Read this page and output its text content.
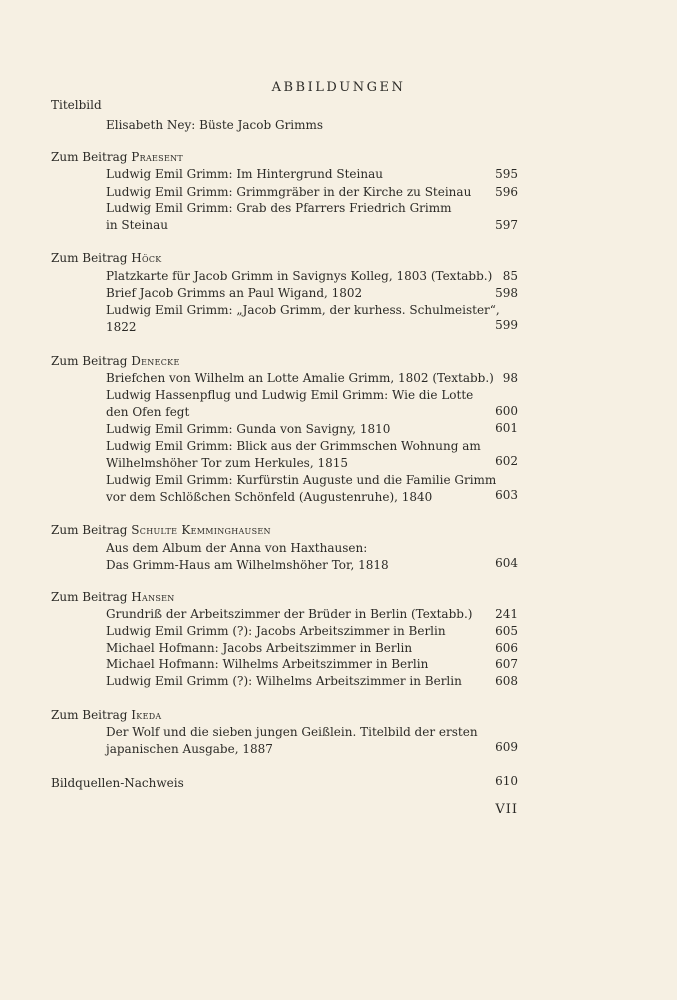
ABBILDUNGEN
Titelbild
Elisabeth Ney: Büste Jacob Grimms
Zum Beitrag Praesent
Ludwig Emil Grimm: Im Hintergrund Steinau	595
Ludwig Emil Grimm: Grimmgräber in der Kirche zu Steinau	596
Ludwig Emil Grimm: Grab des Pfarrers Friedrich Grimm
in Steinau	597
Zum Beitrag Höck
Platzkarte für Jacob Grimm in Savignys Kolleg, 1803 (Textabb.) 85
Brief Jacob Grimms an Paul Wigand, 1802	598
Ludwig Emil Grimm: „Jacob Grimm, der kurhess. Schulmeister“,
1822	599
Zum Beitrag Denecke
Briefchen von Wilhelm an Lotte Amalie Grimm, 1802 (Textabb.) 98
Ludwig Hassenpflug und Ludwig Emil Grimm: Wie die Lotte
den Ofen fegt	600
Ludwig Emil Grimm: Gunda von Savigny, 1810	601
Ludwig Emil Grimm: Blick aus der Grimmschen Wohnung am
Wilhelmshöher Tor zum Herkules, 1815	602
Ludwig Emil Grimm: Kurfürstin Auguste und die Familie Grimm
vor dem Schlößchen Schönfeld (Augustenruhe), 1840	603
Zum Beitrag Schulte Kemminghausen
Aus dem Album der Anna von Haxthausen:
Das Grimm-Haus am Wilhelmshöher Tor, 1818	604
Zum Beitrag Hansen
Grundriß der Arbeitszimmer der Brüder in Berlin (Textabb.)	241
Ludwig Emil Grimm (?): Jacobs Arbeitszimmer in Berlin	605
Michael Hofmann: Jacobs Arbeitszimmer in Berlin	606
Michael Hofmann: Wilhelms Arbeitszimmer in Berlin	607
Ludwig Emil Grimm (?): Wilhelms Arbeitszimmer in Berlin	608
Zum Beitrag Ikeda
Der Wolf und die sieben jungen Geißlein. Titelbild der ersten
japanischen Ausgabe, 1887	609
Bildquellen-Nachweis	610
VII
